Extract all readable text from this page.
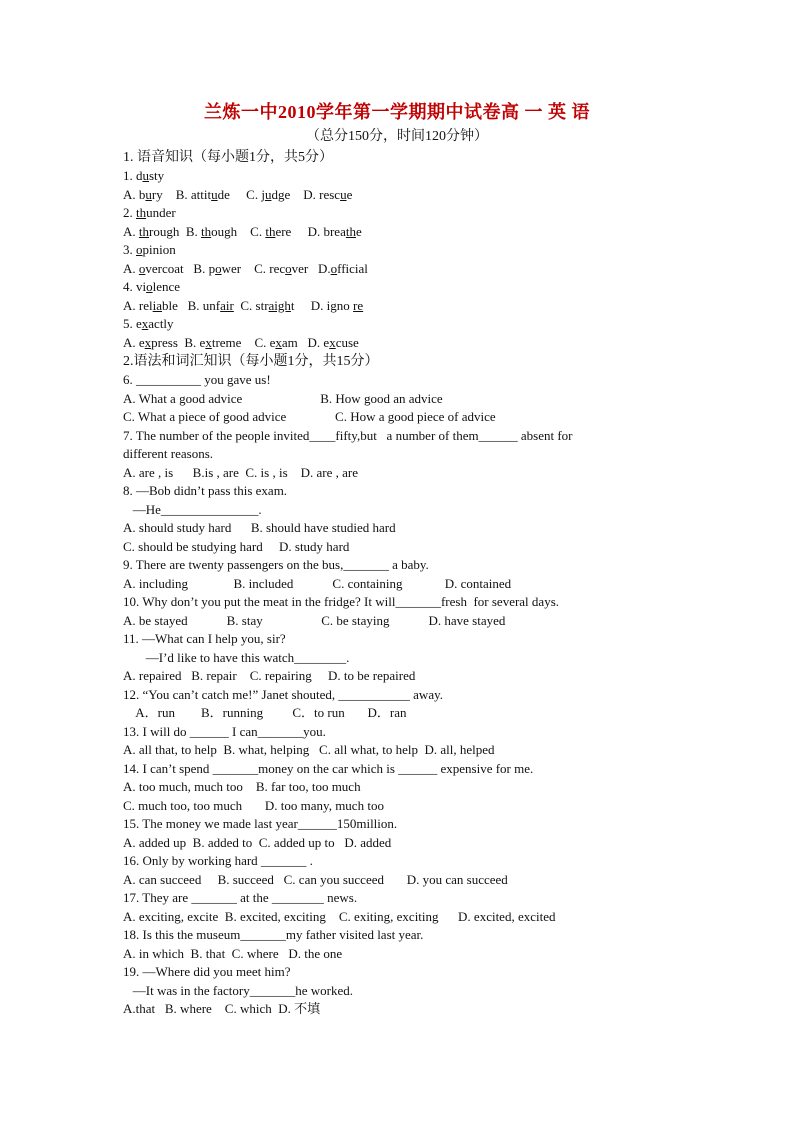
兰炼一中2010学年第一学期期中试卷高 一 英 语
（总分150分，时间120分钟）
1. 语音知识（每小题1分，共5分）
1. dusty
A. bury    B. attitude     C. judge    D. rescue
2. thunder
A. through  B. though    C. there     D. breathe
3. opinion
A. overcoat   B. power    C. recover   D.official
4. violence
A. reliable   B. unfair C. straight     D. igno re
5. exactly
A. express  B. extreme    C. exam   D. excuse
2.语法和词汇知识（每小题1分，共15分）
6. __________ you gave us!
A. What a good advice                        B. How good an advice
C. What a piece of good advice               C. How a good piece of advice
7. The number of the people invited____fifty,but   a number of them______ absent for
different reasons.
A. are , is      B.is , are  C. is , is    D. are , are
8. —Bob didn’t pass this exam.
—He_______________.
A. should study hard      B. should have studied hard
C. should be studying hard     D. study hard
9. There are twenty passengers on the bus,_______ a baby.
A. including              B. included            C. containing             D. contained
10. Why don’t you put the meat in the fridge? It will_______fresh  for several days.
A. be stayed            B. stay                  C. be staying            D. have stayed
11. —What can I help you, sir?
—I’d like to have this watch________.
A. repaired   B. repair    C. repairing     D. to be repaired
12. “You can’t catch me!” Janet shouted, ___________ away.
A．run        B．running         C．to run       D．ran
13. I will do ______ I can_______you.
A. all that, to help  B. what, helping   C. all what, to help  D. all, helped
14. I can’t spend _______money on the car which is ______ expensive for me.
A. too much, much too    B. far too, too much
C. much too, too much       D. too many, much too
15. The money we made last year______150million.
A. added up  B. added to  C. added up to   D. added
16. Only by working hard _______ .
A. can succeed     B. succeed   C. can you succeed       D. you can succeed
17. They are _______ at the ________ news.
A. exciting, excite  B. excited, exciting    C. exiting, exciting      D. excited, excited
18. Is this the museum_______my father visited last year.
A. in which  B. that  C. where   D. the one
19. —Where did you meet him?
—It was in the factory_______he worked.
A.that   B. where    C. which  D. 不填
